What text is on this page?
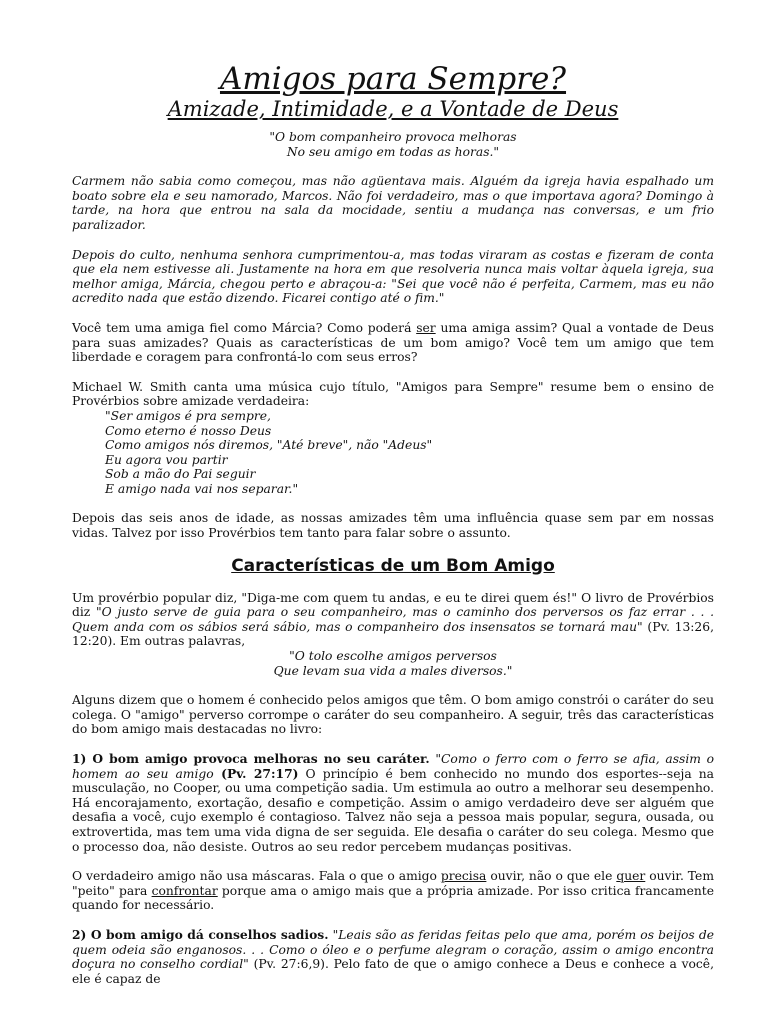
Amigos para Sempre?
Amizade, Intimidade, e a Vontade de Deus

"O bom companheiro provoca melhoras

No seu amigo em todas as horas."

Carmem não sabia como começou, mas não agüentava mais. Alguém da igreja havia espalhado um boato sobre ela e seu namorado, Marcos. Não foi verdadeiro, mas o que importava agora? Domingo à tarde, na hora que entrou na sala da mocidade, sentiu a mudança nas conversas, e um frio paralizador.

Depois do culto, nenhuma senhora cumprimentou-a, mas todas viraram as costas e fizeram de conta que ela nem estivesse ali. Justamente na hora em que resolveria nunca mais voltar àquela igreja, sua melhor amiga, Márcia, chegou perto e abraçou-a: "Sei que você não é perfeita, Carmem, mas eu não acredito nada que estão dizendo. Ficarei contigo até o fim."

Você tem uma amiga fiel como Márcia? Como poderá ser uma amiga assim? Qual a vontade de Deus para suas amizades? Quais as características de um bom amigo? Você tem um amigo que tem liberdade e coragem para confrontá-lo com seus erros?

Michael W. Smith canta uma música cujo título, "Amigos para Sempre" resume bem o ensino de Provérbios sobre amizade verdadeira:

"Ser amigos é pra sempre,

Como eterno é nosso Deus

Como amigos nós diremos, "Até breve", não "Adeus"

Eu agora vou partir

Sob a mão do Pai seguir

E amigo nada vai nos separar."

Depois das seis anos de idade, as nossas amizades têm uma influência quase sem par em nossas vidas. Talvez por isso Provérbios tem tanto para falar sobre o assunto.

Características de um Bom Amigo

Um provérbio popular diz, "Diga-me com quem tu andas, e eu te direi quem és!" O livro de Provérbios diz "O justo serve de guia para o seu companheiro, mas o caminho dos perversos os faz errar . . . Quem anda com os sábios será sábio, mas o companheiro dos insensatos se tornará mau" (Pv. 13:26, 12:20). Em outras palavras,

"O tolo escolhe amigos perversos

Que levam sua vida a males diversos."

Alguns dizem que o homem é conhecido pelos amigos que têm. O bom amigo constrói o caráter do seu colega. O "amigo" perverso corrompe o caráter do seu companheiro. A seguir, três das características do bom amigo mais destacadas no livro:

1) O bom amigo provoca melhoras no seu caráter. "Como o ferro com o ferro se afia, assim o homem ao seu amigo (Pv. 27:17) O princípio é bem conhecido no mundo dos esportes--seja na musculação, no Cooper, ou uma competição sadia. Um estimula ao outro a melhorar seu desempenho. Há encorajamento, exortação, desafio e competição. Assim o amigo verdadeiro deve ser alguém que desafia a você, cujo exemplo é contagioso. Talvez não seja a pessoa mais popular, segura, ousada, ou extrovertida, mas tem uma vida digna de ser seguida. Ele desafia o caráter do seu colega. Mesmo que o processo doa, não desiste. Outros ao seu redor percebem mudanças positivas.

O verdadeiro amigo não usa máscaras. Fala o que o amigo precisa ouvir, não o que ele quer ouvir. Tem "peito" para confrontar porque ama o amigo mais que a própria amizade. Por isso critica francamente quando for necessário.

2) O bom amigo dá conselhos sadios. "Leais são as feridas feitas pelo que ama, porém os beijos de quem odeia são enganosos. . . Como o óleo e o perfume alegram o coração, assim o amigo encontra doçura no conselho cordial" (Pv. 27:6,9). Pelo fato de que o amigo conhece a Deus e conhece a você, ele é capaz de
